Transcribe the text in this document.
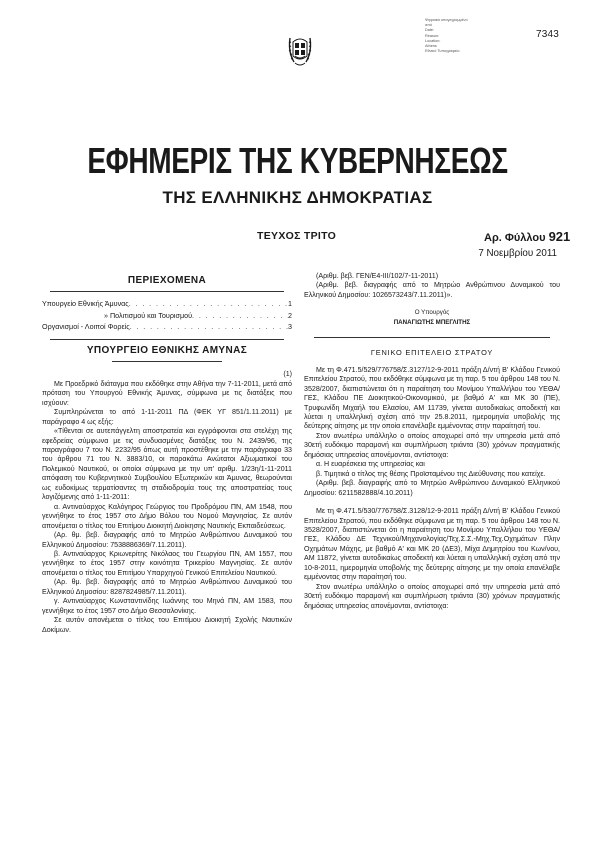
Ψηφιακά υπογεγραμμένο
από
Date:
Reason:
Location:
Athens
Εθνικό Τυπογραφείο
7343
ΕΦΗΜΕΡΙΣ ΤΗΣ ΚΥΒΕΡΝΗΣΕΩΣ
ΤΗΣ ΕΛΛΗΝΙΚΗΣ ΔΗΜΟΚΡΑΤΙΑΣ
ΤΕΥΧΟΣ ΤΡΙΤΟ	Αρ. Φύλλου 921
7 Νοεμβρίου 2011

ΠΕΡΙΕΧΟΜΕΝΑ

Υπουργείο Εθνικής Άμυνας . . .	1
» Πολιτισμού και Τουρισμού . . .	2
Οργανισμοί - Λοιποί Φορείς . . .	3

ΥΠΟΥΡΓΕΙΟ ΕΘΝΙΚΗΣ ΑΜΥΝΑΣ

(1)

Με Προεδρικό διάταγμα που εκδόθηκε στην Αθήνα την 7-11-2011, μετά από πρόταση του Υπουργού Εθνικής Άμυνας, σύμφωνα με τις διατάξεις που ισχύουν:

Συμπληρώνεται το από 1-11-2011 ΠΔ (ΦΕΚ ΥΓ 851/1.11.2011) με παράγραφο 4 ως εξής:

«Τίθενται σε αυτεπάγγελτη αποστρατεία και εγγράφονται στα στελέχη της εφεδρείας σύμφωνα με τις συνδυασμένες διατάξεις του Ν. 2439/96, της παραγράφου 7 του Ν. 2232/95 όπως αυτή προστέθηκε με την παράγραφο 33 του άρθρου 71 του Ν. 3883/10, οι παρακάτω Ανώτατοι Αξιωματικοί του Πολεμικού Ναυτικού, οι οποίοι σύμφωνα με την υπ' αριθμ. 1/23η/1-11-2011 απόφαση του Κυβερνητικού Συμβουλίου Εξωτερικών και Άμυνας, θεωρούνται ως ευδοκίμως τερματίσαντες τη σταδιοδρομία τους της αποστρατείας τους λογιζόμενης από 1-11-2011:

α. Αντιναύαρχος Καλόγηρος Γεώργιος του Προδρόμου ΠΝ, ΑΜ 1548, που γεννήθηκε το έτος 1957 στο Δήμο Βόλου του Νομού Μαγνησίας. Σε αυτόν απονέμεται ο τίτλος του Επιτίμου Διοικητή Διοίκησης Ναυτικής Εκπαιδεύσεως.

(Αρ. θμ. βεβ. διαγραφής από το Μητρώο Ανθρώπινου Δυναμικού του Ελληνικού Δημοσίου: 7538886369/7.11.2011).

β. Αντιναύαρχος Κριωνερίτης Νικόλαος του Γεωργίου ΠΝ, ΑΜ 1557, που γεννήθηκε το έτος 1957 στην κοινότητα Τρικερίου Μαγνησίας. Σε αυτόν απονέμεται ο τίτλος του Επιτίμου Υπαρχηγού Γενικού Επιτελείου Ναυτικού.

(Αρ. θμ. βεβ. διαγραφής από το Μητρώο Ανθρώπινου Δυναμικού του Ελληνικού Δημοσίου: 8287824985/7.11.2011).

γ. Αντιναύαρχος Κωνσταντινίδης Ιωάννης του Μηνά ΠΝ, ΑΜ 1583, που γεννήθηκε το έτος 1957 στο Δήμο Θεσσαλονίκης.

Σε αυτόν απονέμεται ο τίτλος του Επιτίμου Διοικητή Σχολής Ναυτικών Δοκίμων.

(Αριθμ. βεβ. ΓΕΝ/Ε4-ΙΙΙ/102/7-11-2011)

(Αριθμ. βεβ. διαγραφής από το Μητρώο Ανθρώπινου Δυναμικού του Ελληνικού Δημοσίου: 1026573243/7.11.2011)».

Ο Υπουργός

ΠΑΝΑΓΙΩΤΗΣ ΜΠΕΓΛΙΤΗΣ

ΓΕΝΙΚΟ ΕΠΙΤΕΛΕΙΟ ΣΤΡΑΤΟΥ

Με τη Φ.471.5/529/776758/Σ.3127/12-9-2011 πράξη Δ/ντή Β' Κλάδου Γενικού Επιτελείου Στρατού, που εκδόθηκε σύμφωνα με τη παρ. 5 του άρθρου 148 του Ν. 3528/2007, διαπιστώνεται ότι η παραίτηση του Μονίμου Υπαλλήλου του ΥΕΘΑ/ΓΕΣ, Κλάδου ΠΕ Διοικητικού-Οικονομικού, με βαθμό Α' και ΜΚ 30 (ΠΕ), Τρυφωνίδη Μιχαήλ του Ελασίου, ΑΜ 11739, γίνεται αυτοδικαίως αποδεκτή και λύεται η υπαλληλική σχέση από την 25.8.2011, ημερομηνία υποβολής της δεύτερης αίτησης με την οποία επανέλαβε εμμένοντας στην παραίτησή του.

Στον ανωτέρω υπάλληλο ο οποίος αποχωρεί από την υπηρεσία μετά από 30ετή ευδόκιμο παραμονή και συμπλήρωση τριάντα (30) χρόνων πραγματικής δημόσιας υπηρεσίας απονέμονται, αντίστοιχα:

α. Η ευαρέσκεια της υπηρεσίας και

β. Τιμητικά ο τίτλος της θέσης Προϊσταμένου της Διεύθυνσης που κατείχε.

(Αριθμ. βεβ. διαγραφής από το Μητρώο Ανθρώπινου Δυναμικού Ελληνικού Δημοσίου: 6211582888/4.10.2011)

Με τη Φ.471.5/530/776758/Σ.3128/12-9-2011 πράξη Δ/ντή Β' Κλάδου Γενικού Επιτελείου Στρατού, που εκδόθηκε σύμφωνα με τη παρ. 5 του άρθρου 148 του Ν. 3528/2007, διαπιστώνεται ότι η παραίτηση του Μονίμου Υπαλλήλου του ΥΕΘΑ/ΓΕΣ, Κλάδου ΔΕ Τεχνικού/Μηχανολογίας/Τεχ.Σ.Σ.-Μηχ.Τεχ.Οχημάτων Πλην Οχημάτων Μάχης, με βαθμό Α' και ΜΚ 20 (ΔΕ3), Μίχα Δημητρίου του Κων/νου, ΑΜ 11872, γίνεται αυτοδικαίως αποδεκτή και λύεται η υπαλληλική σχέση από την 10-8-2011, ημερομηνία υποβολής της δεύτερης αίτησης με την οποία επανέλαβε εμμένοντας στην παραίτησή του.

Στον ανωτέρω υπάλληλο ο οποίος αποχωρεί από την υπηρεσία μετά από 30ετή ευδόκιμο παραμονή και συμπλήρωση τριάντα (30) χρόνων πραγματικής δημόσιας υπηρεσίας απονέμονται, αντίστοιχα:
